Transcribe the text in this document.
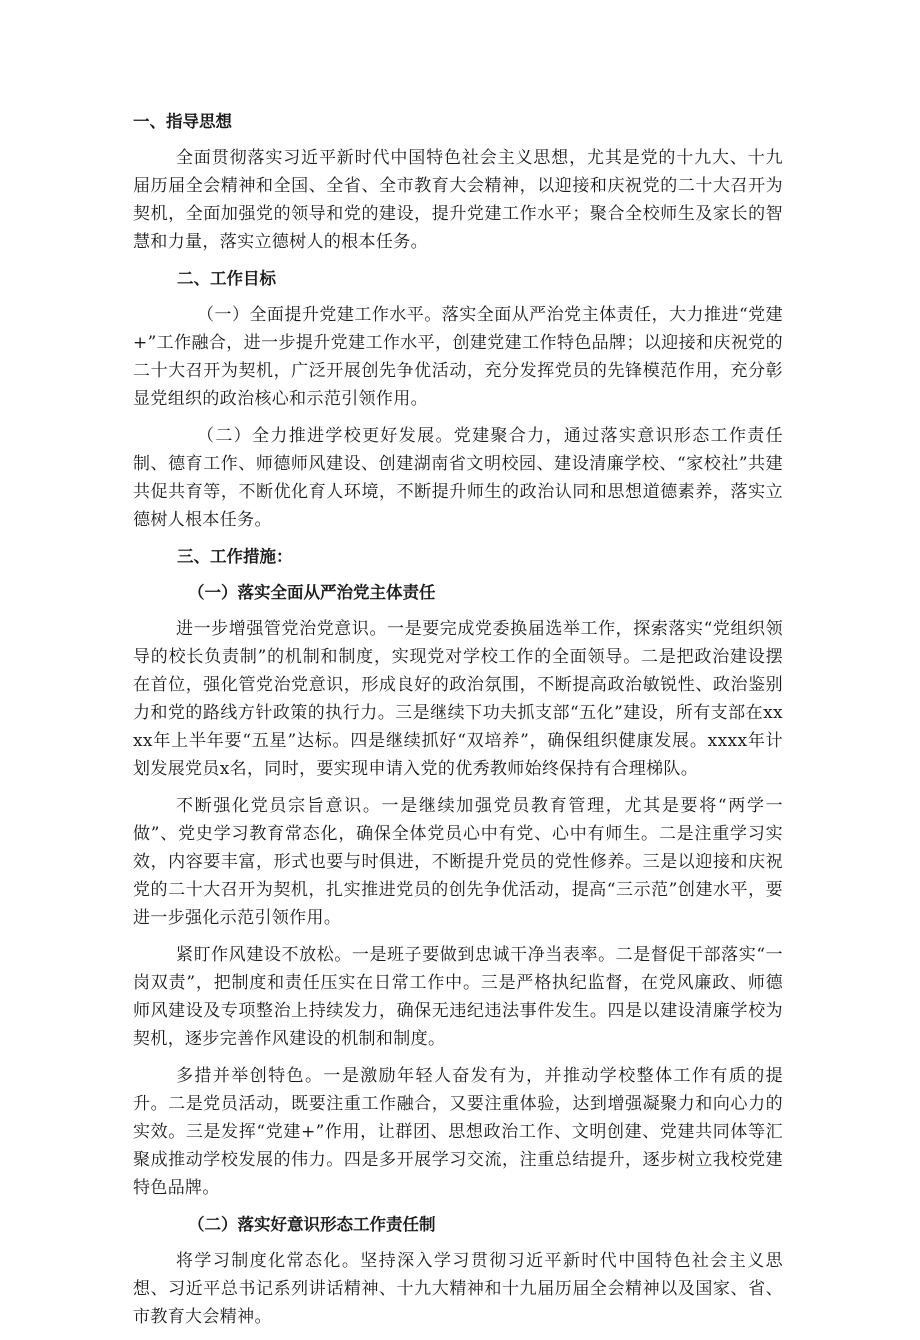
一、指导思想
全面贯彻落实习近平新时代中国特色社会主义思想，尤其是党的十九大、十九届历届全会精神和全国、全省、全市教育大会精神，以迎接和庆祝党的二十大召开为契机，全面加强党的领导和党的建设，提升党建工作水平；聚合全校师生及家长的智慧和力量，落实立德树人的根本任务。
二、工作目标
（一）全面提升党建工作水平。落实全面从严治党主体责任，大力推进“党建+”工作融合，进一步提升党建工作水平，创建党建工作特色品牌；以迎接和庆祝党的二十大召开为契机，广泛开展创先争优活动，充分发挥党员的先锋模范作用，充分彰显党组织的政治核心和示范引领作用。
（二）全力推进学校更好发展。党建聚合力，通过落实意识形态工作责任制、德育工作、师德师风建设、创建湖南省文明校园、建设清廉学校、“家校社”共建共促共育等，不断优化育人环境，不断提升师生的政治认同和思想道德素养，落实立德树人根本任务。
三、工作措施：
（一）落实全面从严治党主体责任
进一步增强管党治党意识。一是要完成党委换届选举工作，探索落实“党组织领导的校长负责制”的机制和制度，实现党对学校工作的全面领导。二是把政治建设摆在首位，强化管党治党意识，形成良好的政治氛围，不断提高政治敏锐性、政治鉴别力和党的路线方针政策的执行力。三是继续下功夫抓支部“五化”建设，所有支部在xxxx年上半年要“五星”达标。四是继续抓好“双培养”，确保组织健康发展。xxxx年计划发展党员x名，同时，要实现申请入党的优秀教师始终保持有合理梯队。
不断强化党员宗旨意识。一是继续加强党员教育管理，尤其是要将“两学一做”、党史学习教育常态化，确保全体党员心中有党、心中有师生。二是注重学习实效，内容要丰富，形式也要与时俱进，不断提升党员的党性修养。三是以迎接和庆祝党的二十大召开为契机，扎实推进党员的创先争优活动，提高“三示范”创建水平，要进一步强化示范引领作用。
紧盯作风建设不放松。一是班子要做到忠诚干净当表率。二是督促干部落实“一岗双责”，把制度和责任压实在日常工作中。三是严格执纪监督，在党风廉政、师德师风建设及专项整治上持续发力，确保无违纪违法事件发生。四是以建设清廉学校为契机，逐步完善作风建设的机制和制度。
多措并举创特色。一是激励年轻人奋发有为，并推动学校整体工作有质的提升。二是党员活动，既要注重工作融合，又要注重体验，达到增强凝聚力和向心力的实效。三是发挥“党建+”作用，让群团、思想政治工作、文明创建、党建共同体等汇聚成推动学校发展的伟力。四是多开展学习交流，注重总结提升，逐步树立我校党建特色品牌。
（二）落实好意识形态工作责任制
将学习制度化常态化。坚持深入学习贯彻习近平新时代中国特色社会主义思想、习近平总书记系列讲话精神、十九大精神和十九届历届全会精神以及国家、省、市教育大会精神。
